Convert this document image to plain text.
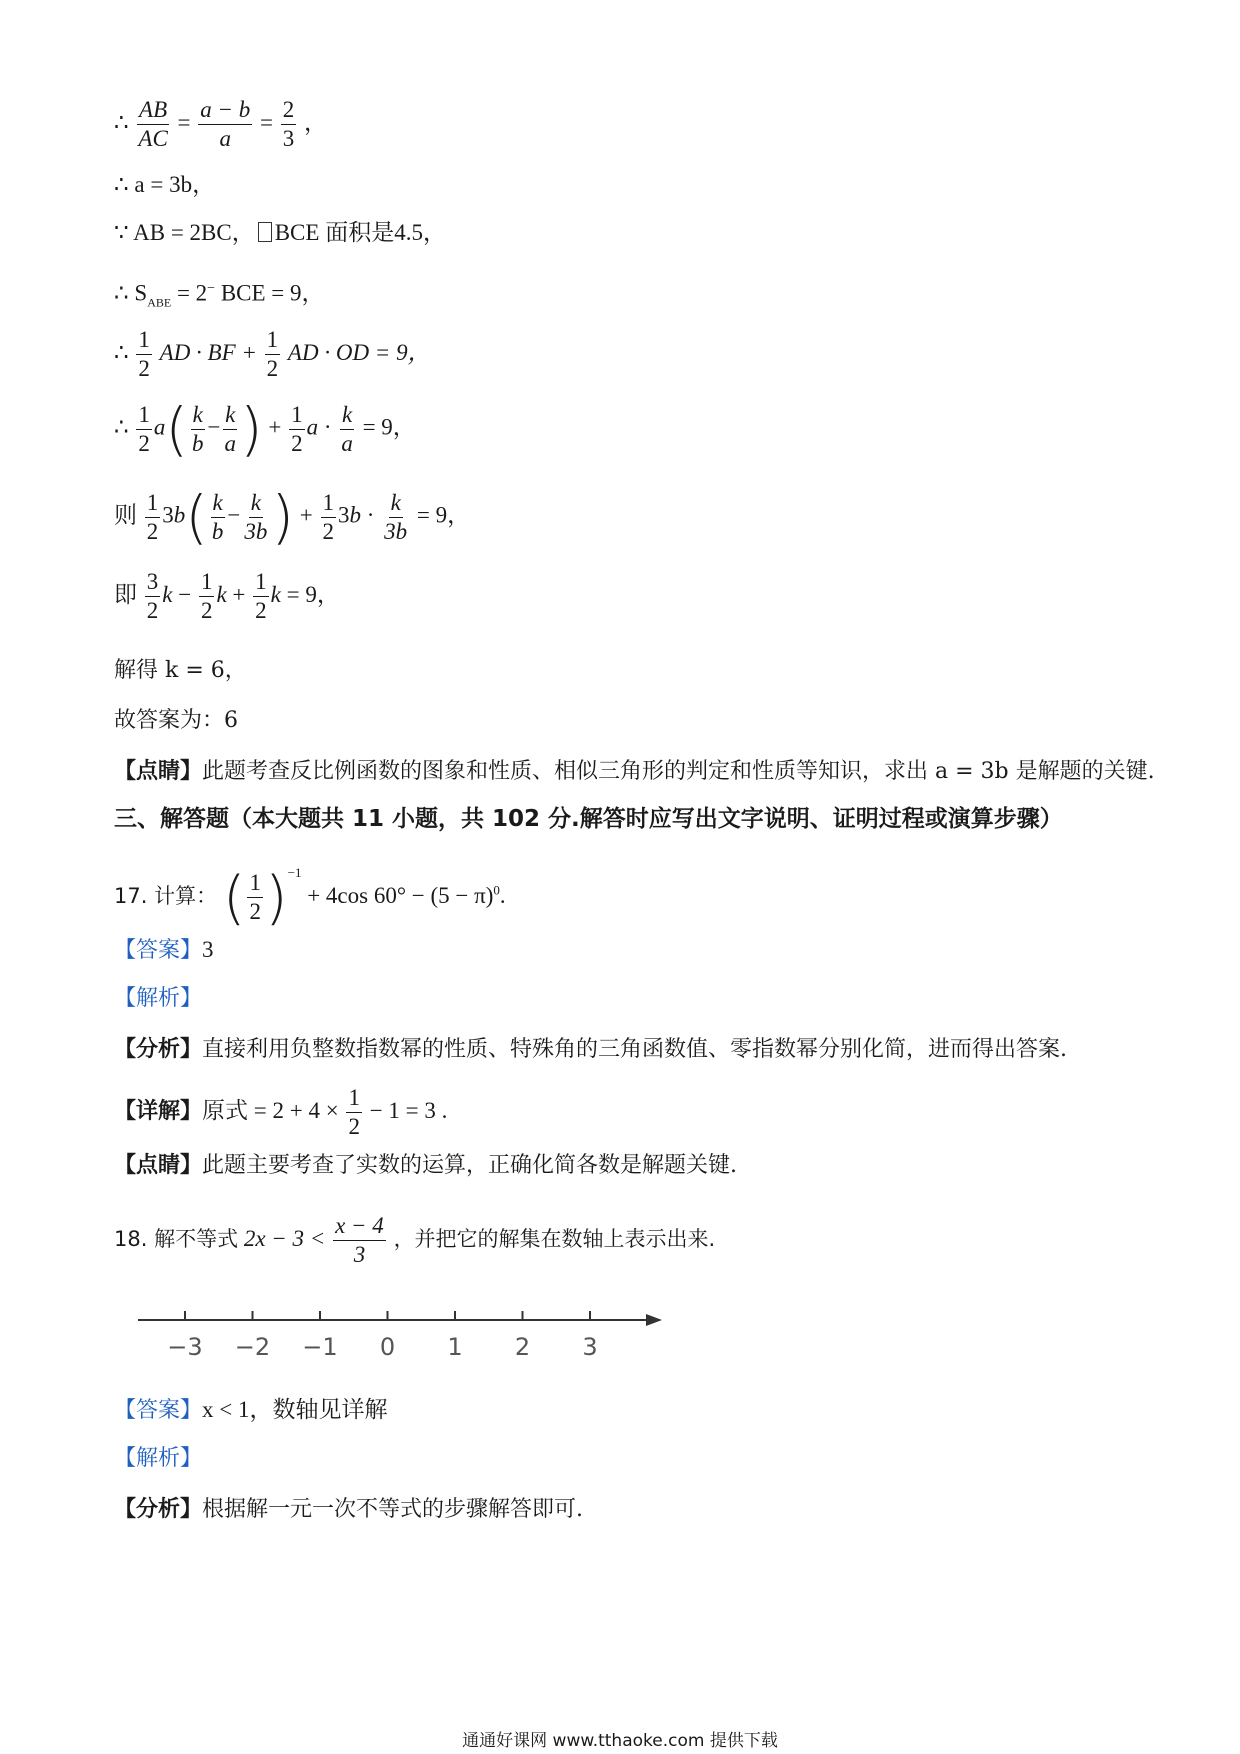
∴ $\frac{AB}{AC} = \frac{a - b}{a} = \frac{2}{3}$ ，
∴ a = 3b，
∵ AB = 2BC， BCE 面积是4.5，
∴ $S_{ABE} = 2^-$ BCE = 9，
∴ $\frac{1}{2}$ AD · BF + $\frac{1}{2}$ AD · OD = 9，
∴ $\frac{1}{2} a( \frac{k}{b} - \frac{k}{a}$ ) + $\frac{1}{2}$ $a \cdot \frac{k}{a} = 9$，
则 $\frac{1}{2} 3b( \frac{k}{b} - \frac{k}{3b}$ ) + $\frac{1}{2} 3b \cdot \frac{k}{3b} = 9$，
即 $\frac{3}{2}$ $k - \frac{1}{2}$ $k + \frac{1}{2}$ k = 9，
解得 k = 6，
故答案为：6
【点睛】此题考查反比例函数的图象和性质、相似三角形的判定和性质等知识，求出 a = 3b 是解题的关键.
三、解答题（本大题共 11 小题，共 102 分.解答时应写出文字说明、证明过程或演算步骤）
17. 计算： ( $\frac{1}{2} )^{-1} + 4\cos$ $60^\circ - (5 - \pi)^0$.
【答案】3
【解析】
【分析】直接利用负整数指数幂的性质、特殊角的三角函数值、零指数幂分别化简，进而得出答案.
【详解】原式 = $2 + 4 \times \frac{1}{2} - 1 = 3$ .
【点睛】此题主要考查了实数的运算，正确化简各数是解题关键.
18. 解不等式 $2x - 3 < \frac{x - 4}{3}$ ，并把它的解集在数轴上表示出来.
−3 −2 −1 0 1 2 3
【答案】x < 1，数轴见详解
【解析】
【分析】根据解一元一次不等式的步骤解答即可.
通通好课网 www.tthaoke.com 提供下载
